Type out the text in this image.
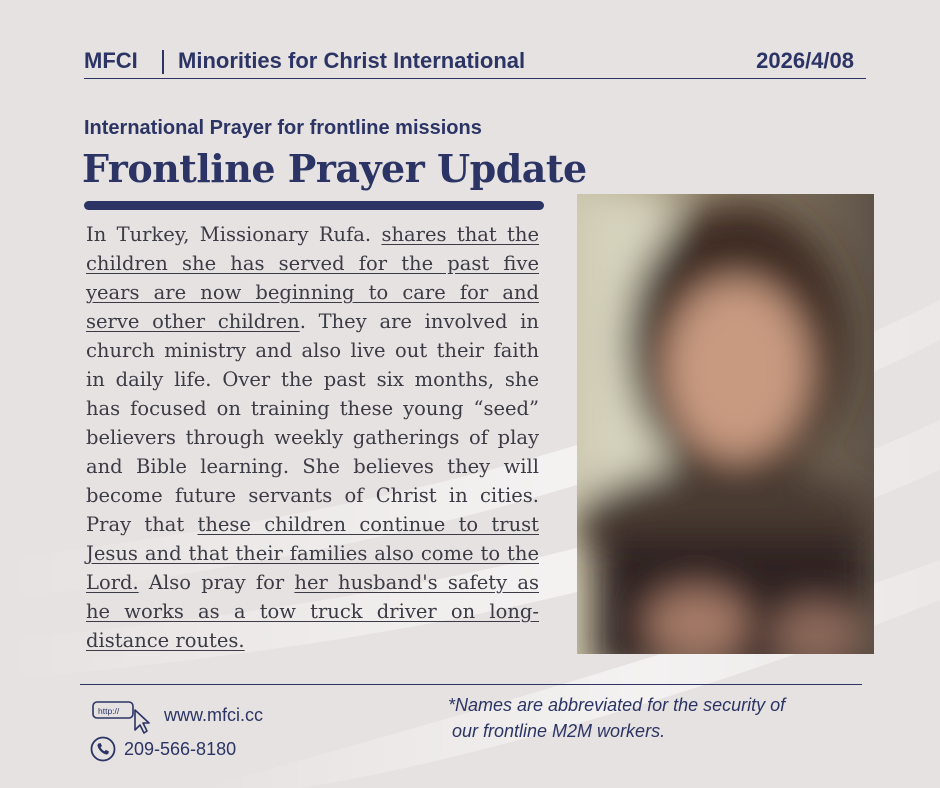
MFCI Minorities for Christ International	2026/4/08
International Prayer for frontline missions
Frontline Prayer Update
In Turkey, Missionary Rufa. shares that the children she has served for the past five years are now beginning to care for and serve other children. They are involved in church ministry and also live out their faith in daily life. Over the past six months, she has focused on training these young “seed” believers through weekly gatherings of play and Bible learning. She believes they will become future servants of Christ in cities. Pray that these children continue to trust Jesus and that their families also come to the Lord. Also pray for her husband's safety as he works as a tow truck driver on long-distance routes.
http:// www.mfci.cc
209-566-8180
*Names are abbreviated for the security of
our frontline M2M workers.
